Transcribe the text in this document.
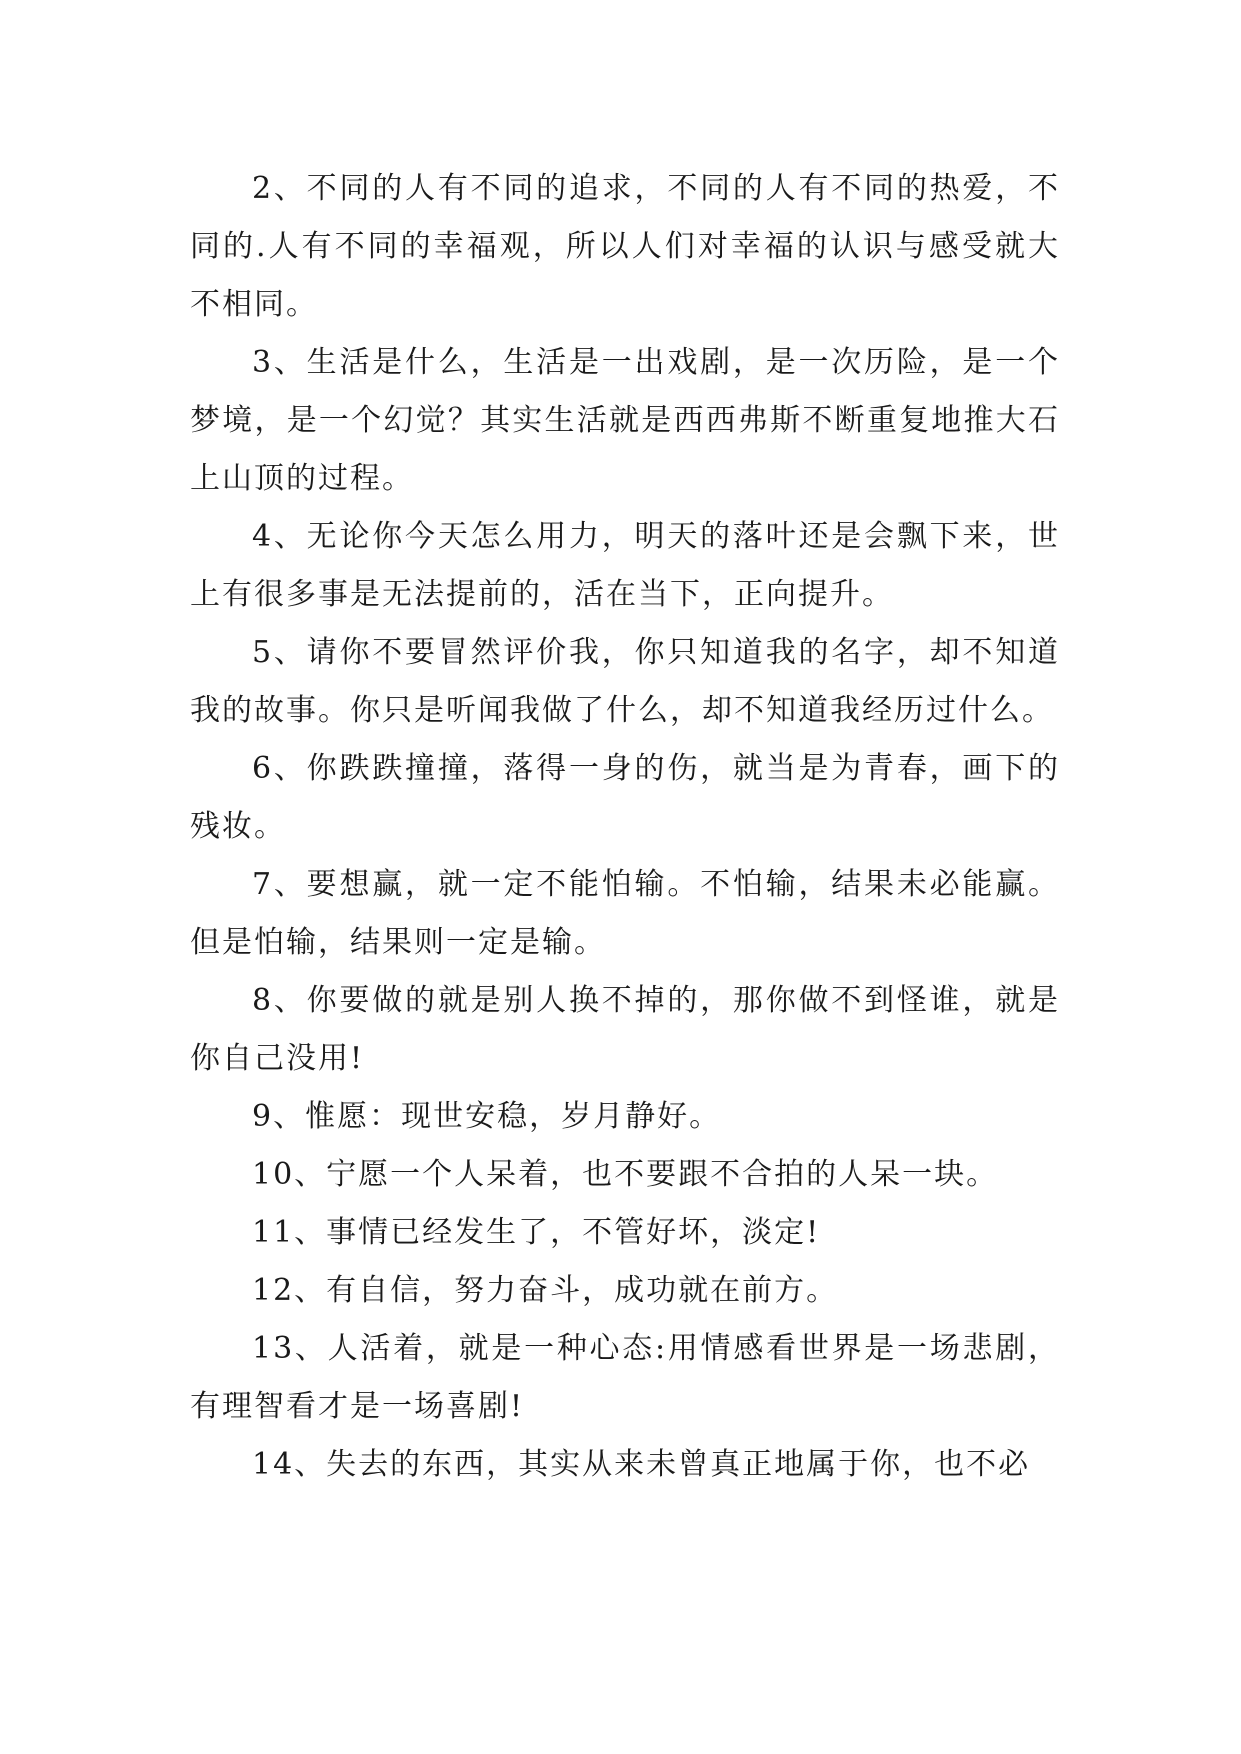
2、不同的人有不同的追求，不同的人有不同的热爱，不同的.人有不同的幸福观，所以人们对幸福的认识与感受就大不相同。

3、生活是什么，生活是一出戏剧，是一次历险，是一个梦境，是一个幻觉？其实生活就是西西弗斯不断重复地推大石上山顶的过程。

4、无论你今天怎么用力，明天的落叶还是会飘下来，世上有很多事是无法提前的，活在当下，正向提升。

5、请你不要冒然评价我，你只知道我的名字，却不知道我的故事。你只是听闻我做了什么，却不知道我经历过什么。

6、你跌跌撞撞，落得一身的伤，就当是为青春，画下的残妆。

7、要想赢，就一定不能怕输。不怕输，结果未必能赢。但是怕输，结果则一定是输。

8、你要做的就是别人换不掉的，那你做不到怪谁，就是你自己没用!

9、惟愿：现世安稳，岁月静好。

10、宁愿一个人呆着，也不要跟不合拍的人呆一块。

11、事情已经发生了，不管好坏，淡定!

12、有自信，努力奋斗，成功就在前方。

13、人活着，就是一种心态:用情感看世界是一场悲剧，有理智看才是一场喜剧!

14、失去的东西，其实从来未曾真正地属于你，也不必
